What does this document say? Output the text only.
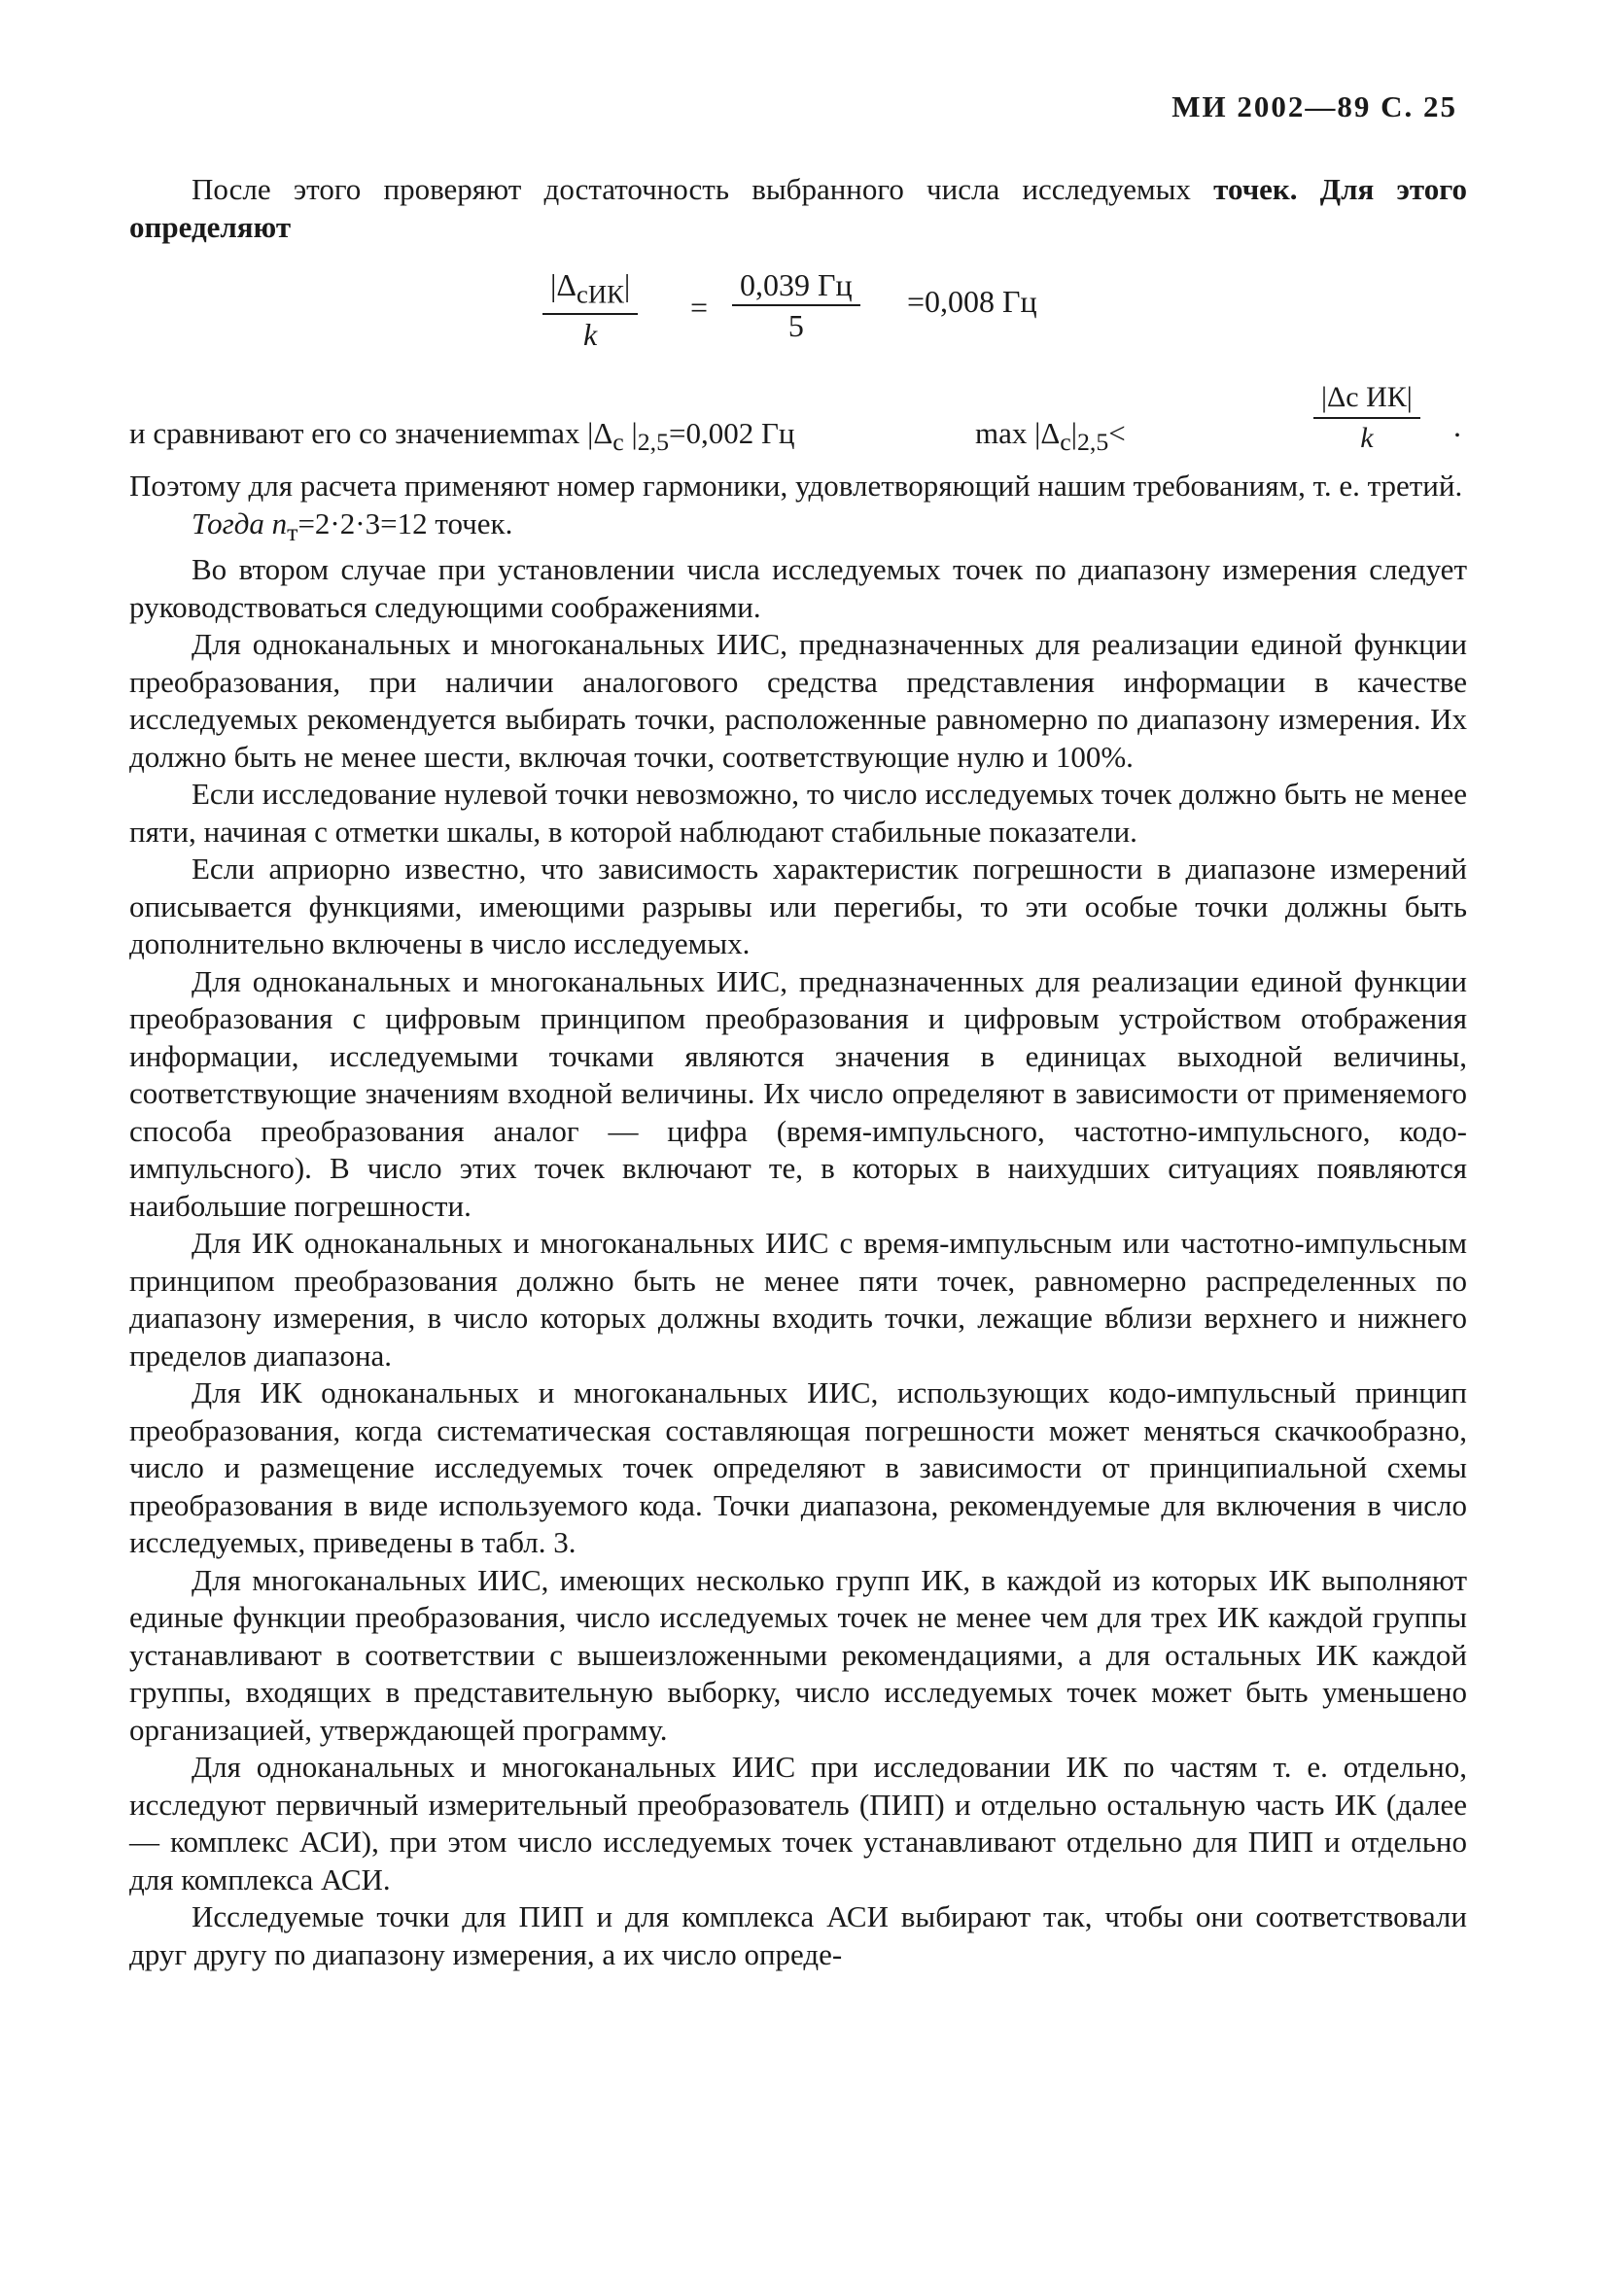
МИ 2002—89 С. 25

После этого проверяют достаточность выбранного числа исследуемых точек. Для этого определяют

$|\Delta_{сИК}|$
k
=
0,039 Гц
5
=0,008 Гц
и сравнивают его со значением $\max |\Delta_с$ $|_{2,5}=0,002$ Гц	$\max |\Delta_с|_{2,5}<$
|Δс ИК|
k	.

Поэтому для расчета применяют номер гармоники, удовлетворяющий нашим требованиям, т. е. третий.

Тогда $n_т=2\cdot 2\cdot 3=12$ точек.

Во втором случае при установлении числа исследуемых точек по диапазону измерения следует руководствоваться следующими соображениями.

Для одноканальных и многоканальных ИИС, предназначенных для реализации единой функции преобразования, при наличии аналогового средства представления информации в качестве исследуемых рекомендуется выбирать точки, расположенные равномерно по диапазону измерения. Их должно быть не менее шести, включая точки, соответствующие нулю и 100%.

Если исследование нулевой точки невозможно, то число исследуемых точек должно быть не менее пяти, начиная с отметки шкалы, в которой наблюдают стабильные показатели.

Если априорно известно, что зависимость характеристик погрешности в диапазоне измерений описывается функциями, имеющими разрывы или перегибы, то эти особые точки должны быть дополнительно включены в число исследуемых.

Для одноканальных и многоканальных ИИС, предназначенных для реализации единой функции преобразования с цифровым принципом преобразования и цифровым устройством отображения информации, исследуемыми точками являются значения в единицах выходной величины, соответствующие значениям входной величины. Их число определяют в зависимости от применяемого способа преобразования аналог — цифра (время-импульсного, частотно-импульсного, кодо-импульсного). В число этих точек включают те, в которых в наихудших ситуациях появляются наибольшие погрешности.

Для ИК одноканальных и многоканальных ИИС с время-импульсным или частотно-импульсным принципом преобразования должно быть не менее пяти точек, равномерно распределенных по диапазону измерения, в число которых должны входить точки, лежащие вблизи верхнего и нижнего пределов диапазона.

Для ИК одноканальных и многоканальных ИИС, использующих кодо-импульсный принцип преобразования, когда систематическая составляющая погрешности может меняться скачкообразно, число и размещение исследуемых точек определяют в зависимости от принципиальной схемы преобразования в виде используемого кода. Точки диапазона, рекомендуемые для включения в число исследуемых, приведены в табл. 3.

Для многоканальных ИИС, имеющих несколько групп ИК, в каждой из которых ИК выполняют единые функции преобразования, число исследуемых точек не менее чем для трех ИК каждой группы устанавливают в соответствии с вышеизложенными рекомендациями, а для остальных ИК каждой группы, входящих в представительную выборку, число исследуемых точек может быть уменьшено организацией, утверждающей программу.

Для одноканальных и многоканальных ИИС при исследовании ИК по частям т. е. отдельно, исследуют первичный измерительный преобразователь (ПИП) и отдельно остальную часть ИК (далее — комплекс АСИ), при этом число исследуемых точек устанавливают отдельно для ПИП и отдельно для комплекса АСИ.

Исследуемые точки для ПИП и для комплекса АСИ выбирают так, чтобы они соответствовали друг другу по диапазону измерения, а их число опреде-
